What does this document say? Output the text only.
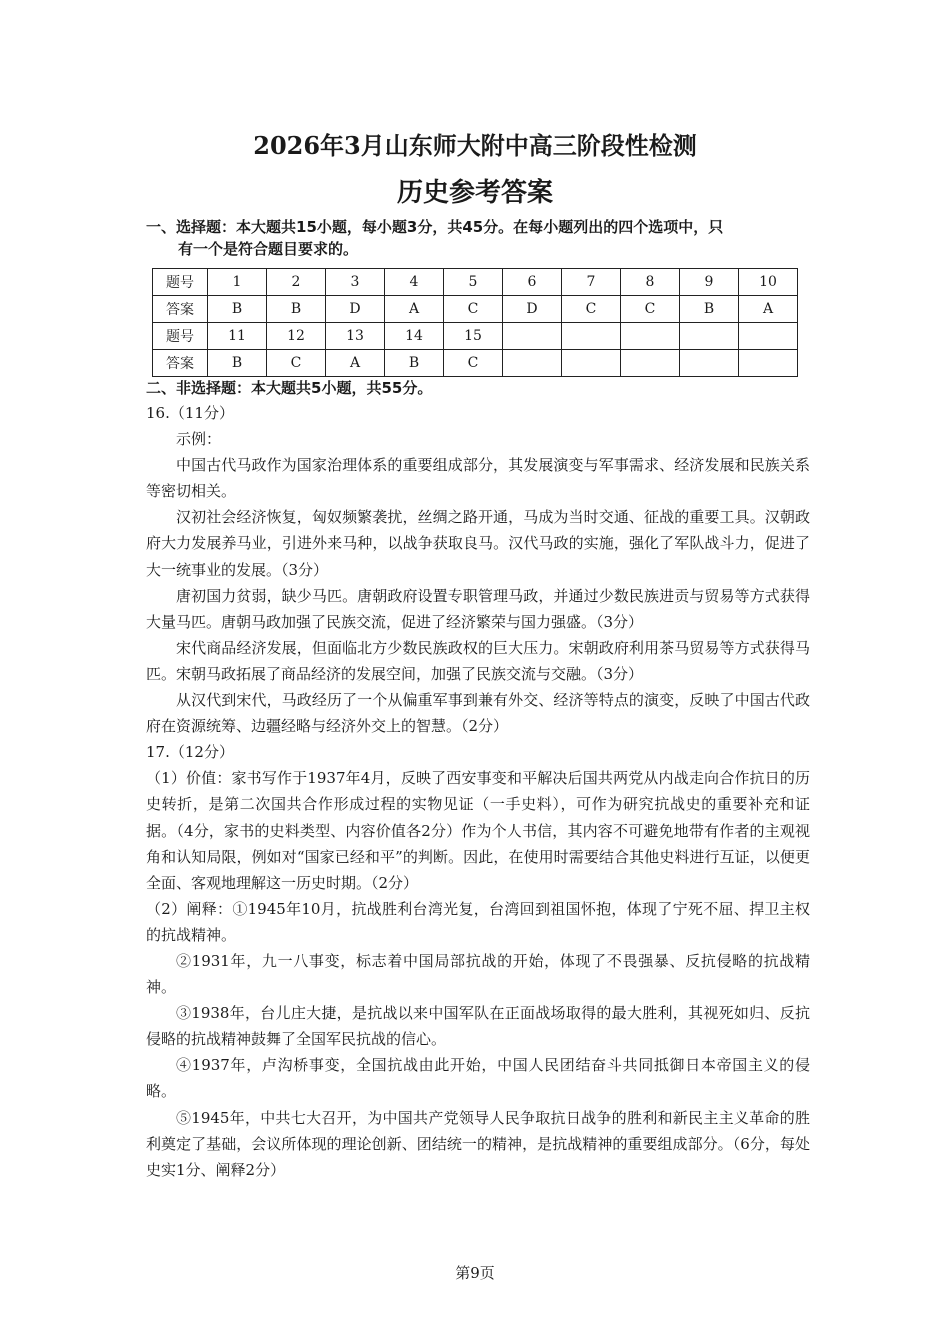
2026年3月山东师大附中高三阶段性检测
历史参考答案
一、选择题：本大题共15小题，每小题3分，共45分。在每小题列出的四个选项中，只
有一个是符合题目要求的。
题号	1	2	3	4	5	6	7	8	9	10
答案	B	B	D	A	C	D	C	C	B	A
题号	11	12	13	14	15					
答案	B	C	A	B	C					
二、非选择题：本大题共5小题，共55分。

16.（11分）

示例：

中国古代马政作为国家治理体系的重要组成部分，其发展演变与军事需求、经济发展和民族关系等密切相关。

汉初社会经济恢复，匈奴频繁袭扰，丝绸之路开通，马成为当时交通、征战的重要工具。汉朝政府大力发展养马业，引进外来马种，以战争获取良马。汉代马政的实施，强化了军队战斗力，促进了大一统事业的发展。（3分）

唐初国力贫弱，缺少马匹。唐朝政府设置专职管理马政，并通过少数民族进贡与贸易等方式获得大量马匹。唐朝马政加强了民族交流，促进了经济繁荣与国力强盛。（3分）

宋代商品经济发展，但面临北方少数民族政权的巨大压力。宋朝政府利用茶马贸易等方式获得马匹。宋朝马政拓展了商品经济的发展空间，加强了民族交流与交融。（3分）

从汉代到宋代，马政经历了一个从偏重军事到兼有外交、经济等特点的演变，反映了中国古代政府在资源统筹、边疆经略与经济外交上的智慧。（2分）

17.（12分）

（1）价值：家书写作于1937年4月，反映了西安事变和平解决后国共两党从内战走向合作抗日的历史转折，是第二次国共合作形成过程的实物见证（一手史料），可作为研究抗战史的重要补充和证据。（4分，家书的史料类型、内容价值各2分）作为个人书信，其内容不可避免地带有作者的主观视角和认知局限，例如对“国家已经和平”的判断。因此，在使用时需要结合其他史料进行互证，以便更全面、客观地理解这一历史时期。（2分）

（2）阐释：①1945年10月，抗战胜利台湾光复，台湾回到祖国怀抱，体现了宁死不屈、捍卫主权的抗战精神。

②1931年，九一八事变，标志着中国局部抗战的开始，体现了不畏强暴、反抗侵略的抗战精神。

③1938年，台儿庄大捷，是抗战以来中国军队在正面战场取得的最大胜利，其视死如归、反抗侵略的抗战精神鼓舞了全国军民抗战的信心。

④1937年，卢沟桥事变，全国抗战由此开始，中国人民团结奋斗共同抵御日本帝国主义的侵略。

⑤1945年，中共七大召开，为中国共产党领导人民争取抗日战争的胜利和新民主主义革命的胜利奠定了基础，会议所体现的理论创新、团结统一的精神，是抗战精神的重要组成部分。（6分，每处史实1分、阐释2分）

第9页
